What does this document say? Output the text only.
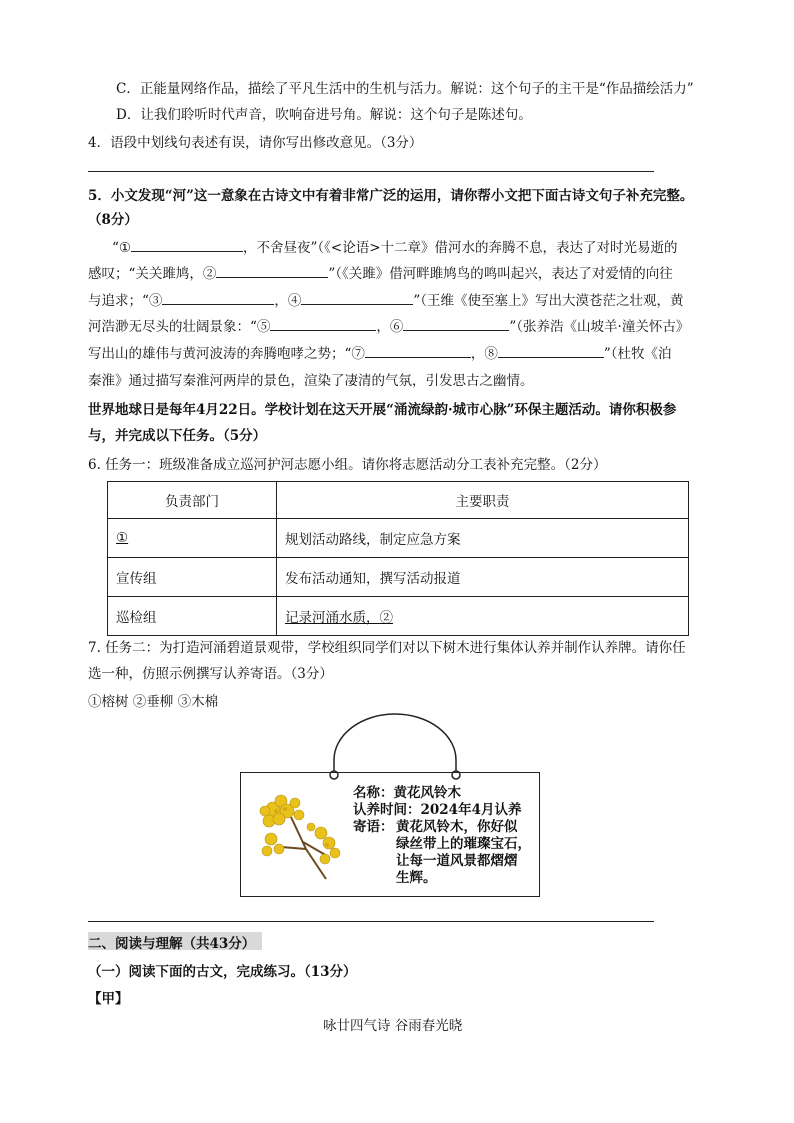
C．正能量网络作品，描绘了平凡生活中的生机与活力。解说：这个句子的主干是“作品描绘活力”
D．让我们聆听时代声音，吹响奋进号角。解说：这个句子是陈述句。
4．语段中划线句表述有误，请你写出修改意见。（3分）
5．小文发现“河”这一意象在古诗文中有着非常广泛的运用，请你帮小文把下面古诗文句子补充完整。
（8分）
“①	，不舍昼夜”（《<论语>十二章》借河水的奔腾不息，表达了对时光易逝的
感叹；“关关雎鸠，②	”（《关雎》借河畔雎鸠鸟的鸣叫起兴，表达了对爱情的向往
与追求；“③	，④	”（王维《使至塞上》写出大漠苍茫之壮观，黄
河浩渺无尽头的壮阔景象：“⑤	，⑥	”（张养浩《山坡羊·潼关怀古》
写出山的雄伟与黄河波涛的奔腾咆哮之势；“⑦	，⑧	”（杜牧《泊
秦淮》通过描写秦淮河两岸的景色，渲染了凄清的气氛，引发思古之幽情。
世界地球日是每年4月22日。学校计划在这天开展“涌流绿韵·城市心脉”环保主题活动。请你积极参
与，并完成以下任务。（5分）
6. 任务一：班级准备成立巡河护河志愿小组。请你将志愿活动分工表补充完整。（2分）
负责部门	主要职责
①	规划活动路线，制定应急方案
宣传组	发布活动通知，撰写活动报道
巡检组	记录河涌水质，②
7. 任务二：为打造河涌碧道景观带，学校组织同学们对以下树木进行集体认养并制作认养牌。请你任
选一种，仿照示例撰写认养寄语。（3分）
①榕树 ②垂柳 ③木棉
名称：黄花风铃木
认养时间：2024年4月认养
寄语： 黄花风铃木，你好似
绿丝带上的璀璨宝石，
让每一道风景都熠熠
生辉。
二、阅读与理解（共43分）
（一）阅读下面的古文，完成练习。（13分）
【甲】
咏廿四气诗 谷雨春光晓
